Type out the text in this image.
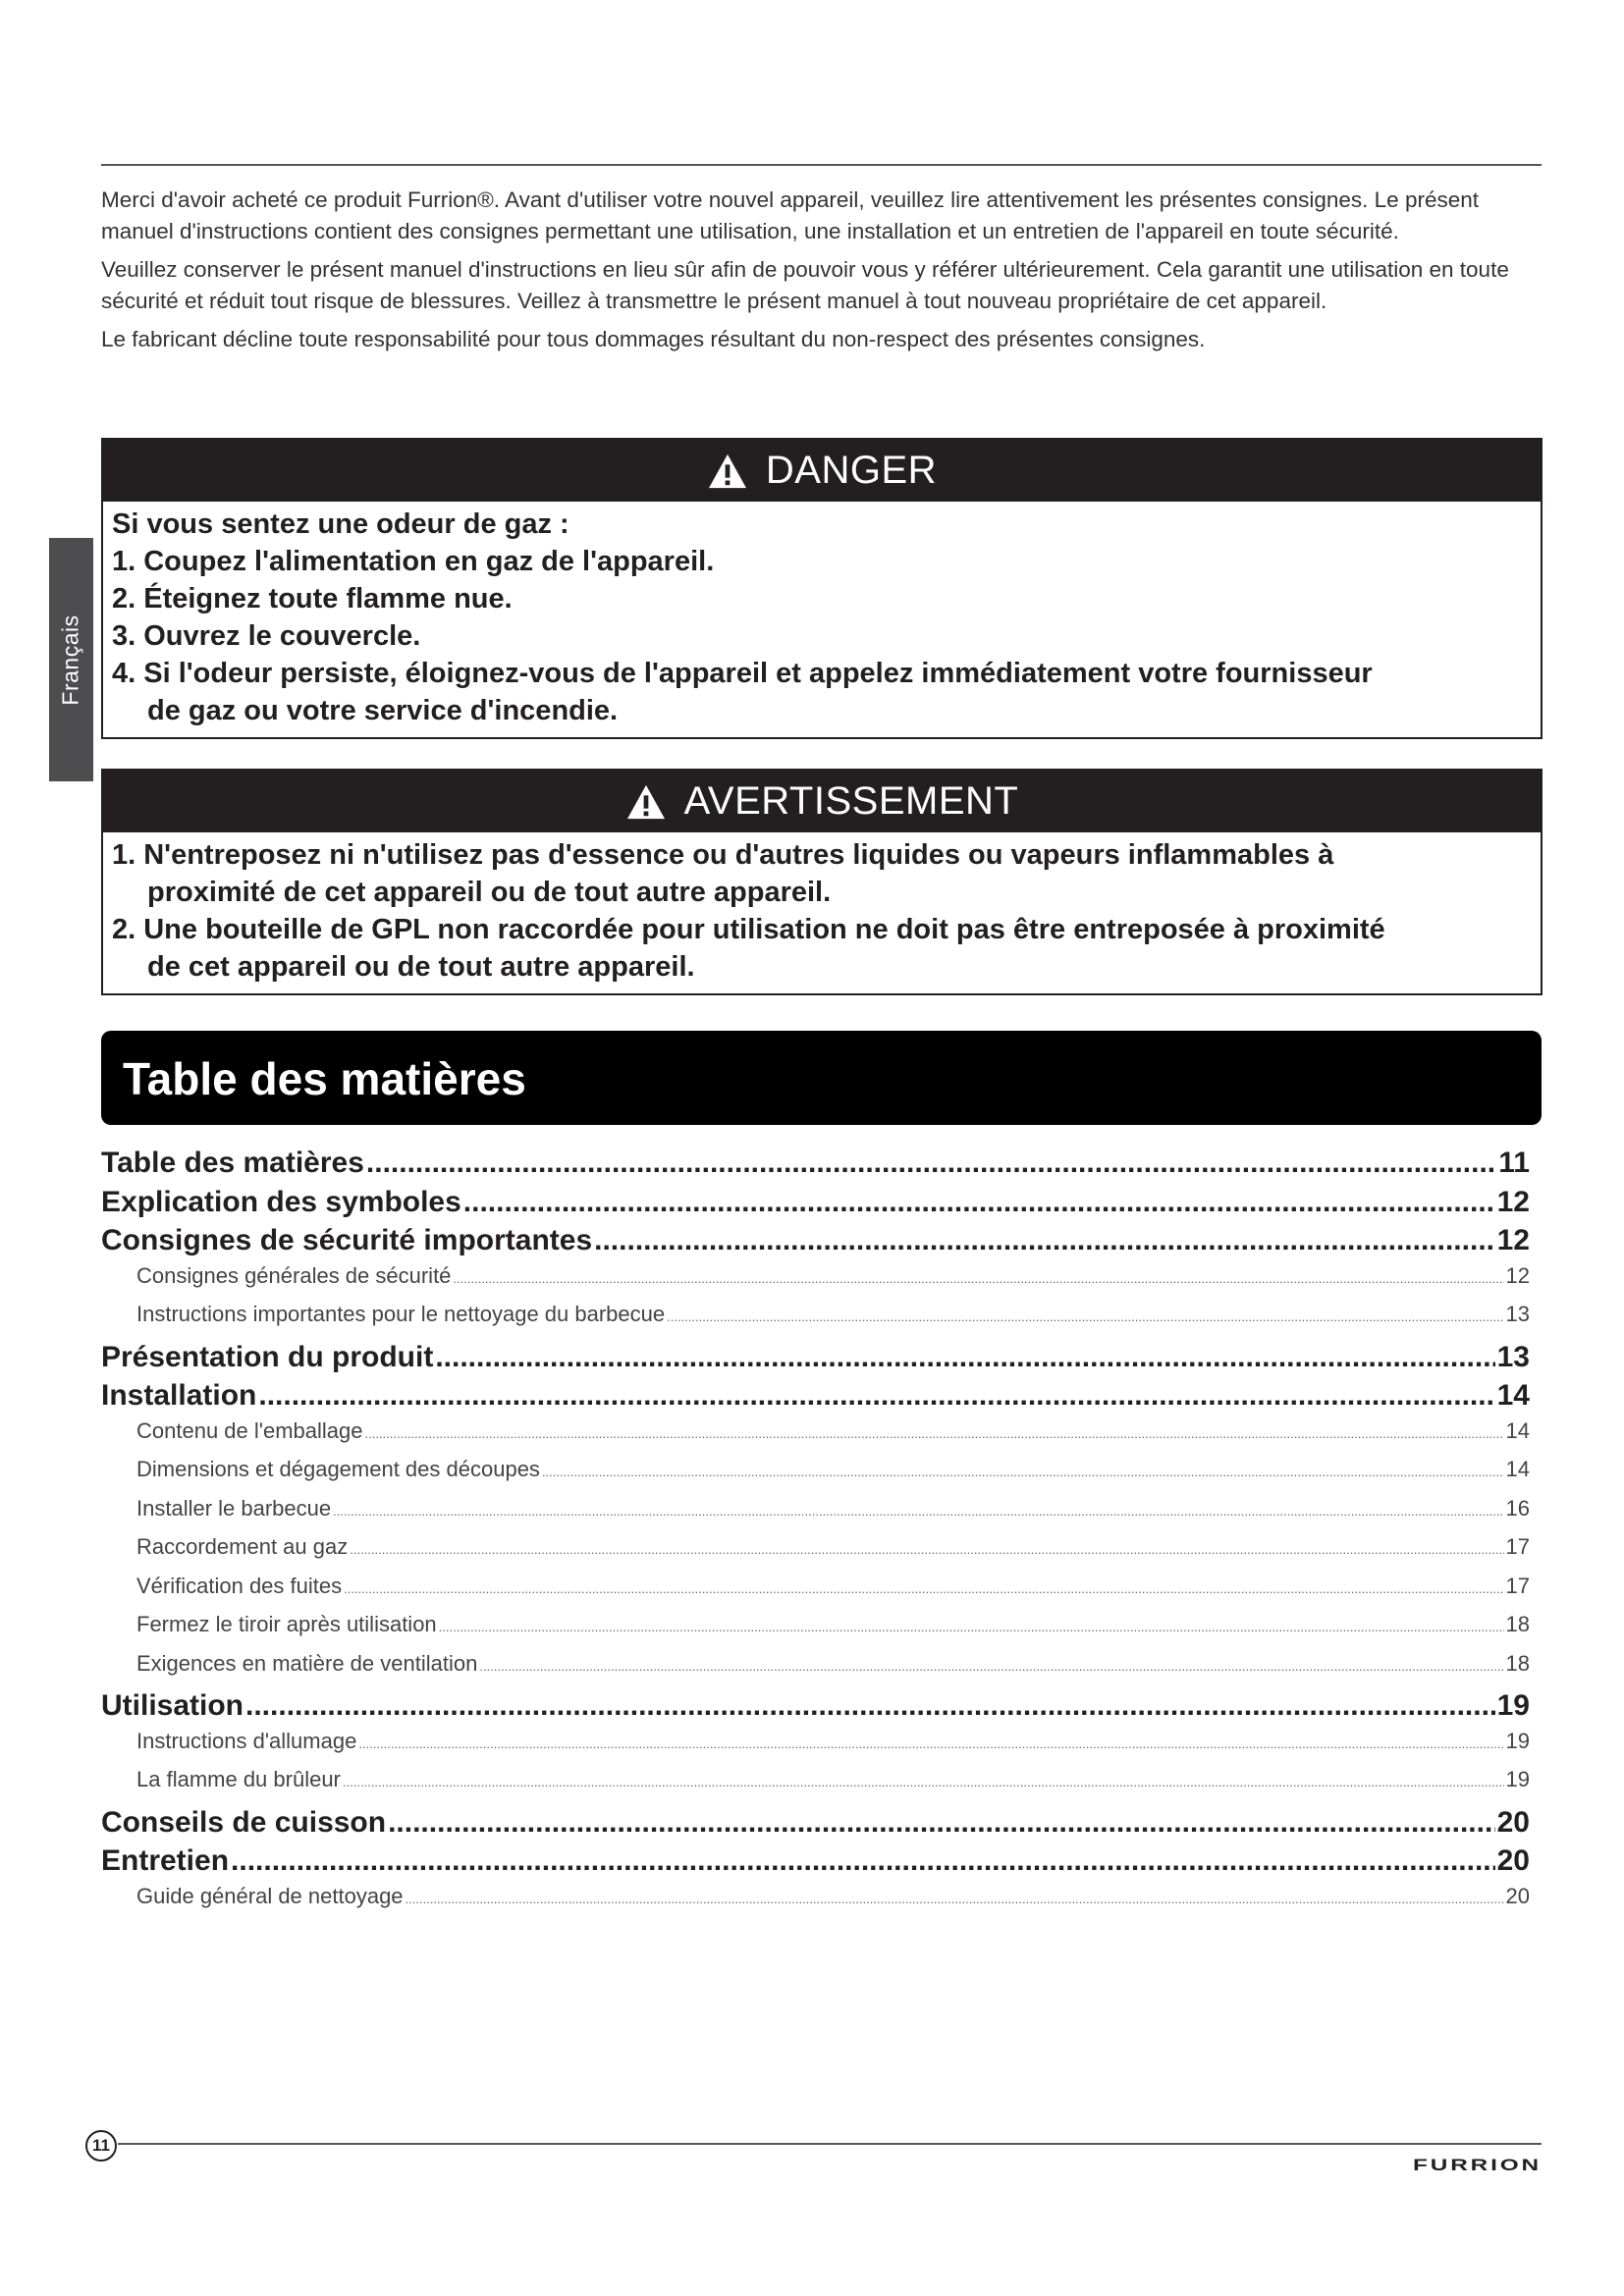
Merci d'avoir acheté ce produit Furrion®. Avant d'utiliser votre nouvel appareil, veuillez lire attentivement les présentes consignes. Le présent manuel d'instructions contient des consignes permettant une utilisation, une installation et un entretien de l'appareil en toute sécurité.

Veuillez conserver le présent manuel d'instructions en lieu sûr afin de pouvoir vous y référer ultérieurement. Cela garantit une utilisation en toute sécurité et réduit tout risque de blessures. Veillez à transmettre le présent manuel à tout nouveau propriétaire de cet appareil.

Le fabricant décline toute responsabilité pour tous dommages résultant du non-respect des présentes consignes.

Français
DANGER
Si vous sentez une odeur de gaz :
1. Coupez l'alimentation en gaz de l'appareil.
2. Éteignez toute flamme nue.
3. Ouvrez le couvercle.
4. Si l'odeur persiste, éloignez-vous de l'appareil et appelez immédiatement votre fournisseur
de gaz ou votre service d'incendie.
AVERTISSEMENT
1. N'entreposez ni n'utilisez pas d'essence ou d'autres liquides ou vapeurs inflammables à
proximité de cet appareil ou de tout autre appareil.
2. Une bouteille de GPL non raccordée pour utilisation ne doit pas être entreposée à proximité
de cet appareil ou de tout autre appareil.
Table des matières
Table des matières .....	11
Explication des symboles .....	12
Consignes de sécurité importantes .....	12
Consignes générales de sécurité .....	12
Instructions importantes pour le nettoyage du barbecue .....	13
Présentation du produit .....	13
Installation .....	14
Contenu de l'emballage .....	14
Dimensions et dégagement des découpes .....	14
Installer le barbecue .....	16
Raccordement au gaz .....	17
Vérification des fuites .....	17
Fermez le tiroir après utilisation .....	18
Exigences en matière de ventilation .....	18
Utilisation .....	19
Instructions d'allumage .....	19
La flamme du brûleur .....	19
Conseils de cuisson .....	20
Entretien .....	20
Guide général de nettoyage .....	20
11
FURRION
